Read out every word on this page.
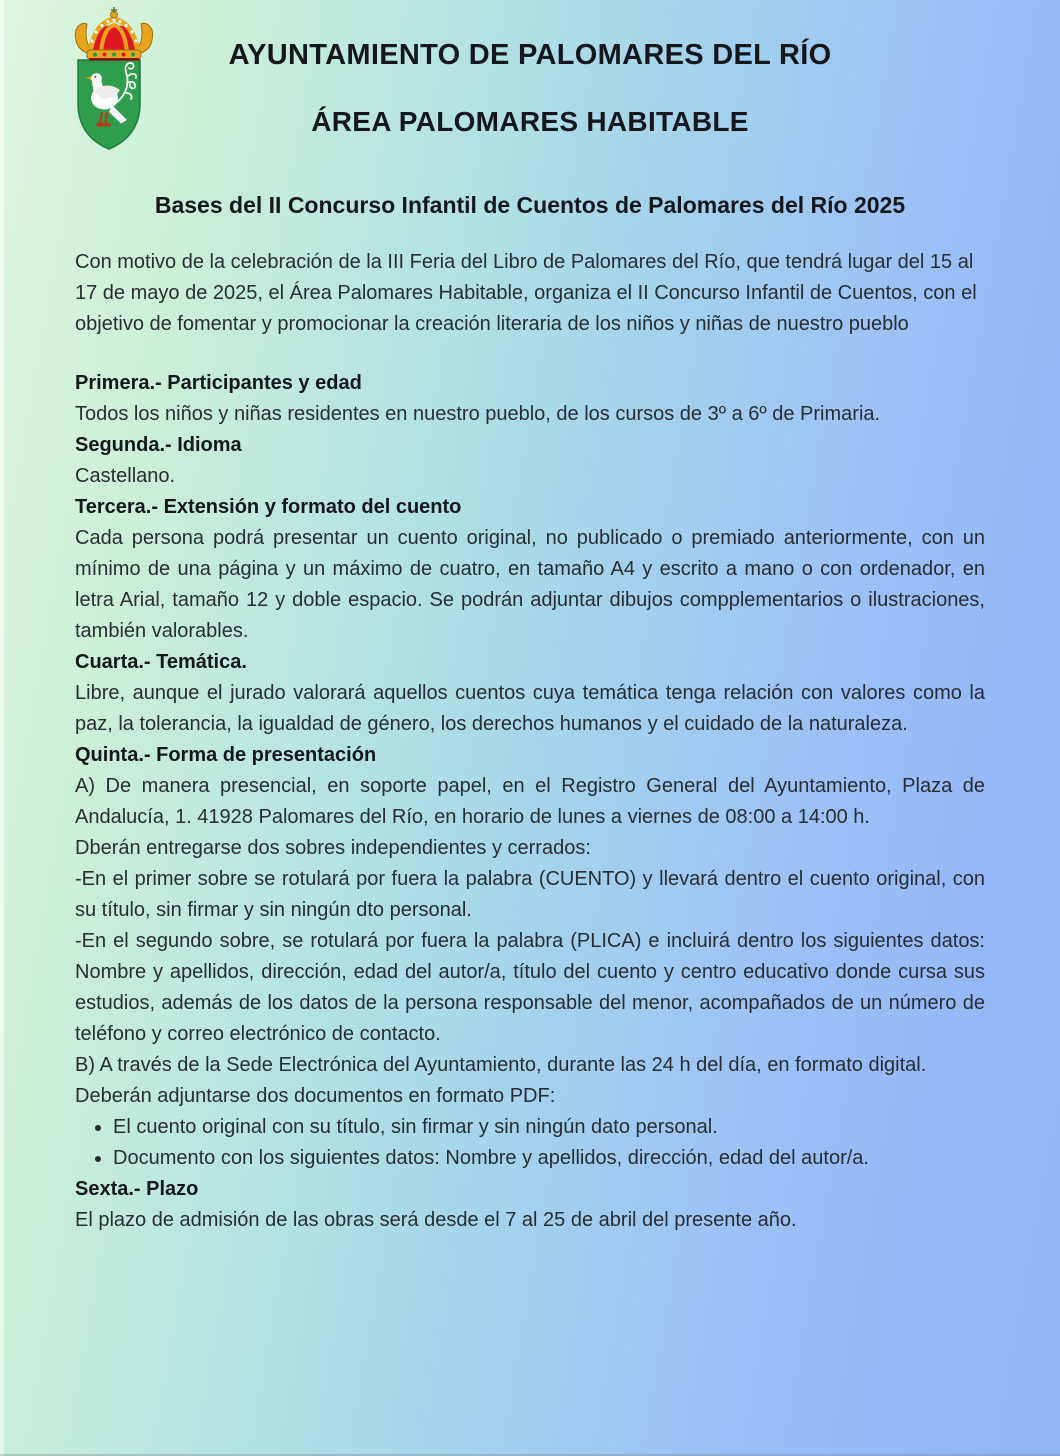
AYUNTAMIENTO DE PALOMARES DEL RÍO
ÁREA PALOMARES HABITABLE
Bases del II Concurso Infantil de Cuentos de Palomares del Río 2025

Con motivo de la celebración de la III Feria del Libro de Palomares del Río, que tendrá lugar del 15 al 17 de mayo de 2025, el Área Palomares Habitable, organiza el II Concurso Infantil de Cuentos, con el objetivo de fomentar y promocionar la creación literaria de los niños y niñas de nuestro pueblo

Primera.- Participantes y edad

Todos los niños y niñas residentes en nuestro pueblo, de los cursos de 3º a 6º de Primaria.

Segunda.- Idioma

Castellano.

Tercera.- Extensión y formato del cuento

Cada persona podrá presentar un cuento original, no publicado o premiado anteriormente, con un mínimo de una página y un máximo de cuatro, en tamaño A4 y escrito a mano o con ordenador, en letra Arial, tamaño 12 y doble espacio. Se podrán adjuntar dibujos compplementarios o ilustraciones, también valorables.

Cuarta.- Temática.

Libre, aunque el jurado valorará aquellos cuentos cuya temática tenga relación con valores como la paz, la tolerancia, la igualdad de género, los derechos humanos y el cuidado de la naturaleza.

Quinta.- Forma de presentación

A) De manera presencial, en soporte papel, en el Registro General del Ayuntamiento, Plaza de Andalucía, 1. 41928 Palomares del Río, en horario de lunes a viernes de 08:00 a 14:00 h.

Dberán entregarse dos sobres independientes y cerrados:

-En el primer sobre se rotulará por fuera la palabra (CUENTO) y llevará dentro el cuento original, con su título, sin firmar y sin ningún dto personal.

-En el segundo sobre, se rotulará por fuera la palabra (PLICA) e incluirá dentro los siguientes datos: Nombre y apellidos, dirección, edad del autor/a, título del cuento y centro educativo donde cursa sus estudios, además de los datos de la persona responsable del menor, acompañados de un número de teléfono y correo electrónico de contacto.

B) A través de la Sede Electrónica del Ayuntamiento, durante las 24 h del día, en formato digital.

Deberán adjuntarse dos documentos en formato PDF:

• El cuento original con su título, sin firmar y sin ningún dato personal.
• Documento con los siguientes datos: Nombre y apellidos, dirección, edad del autor/a.
Sexta.- Plazo

El plazo de admisión de las obras será desde el 7 al 25 de abril del presente año.
